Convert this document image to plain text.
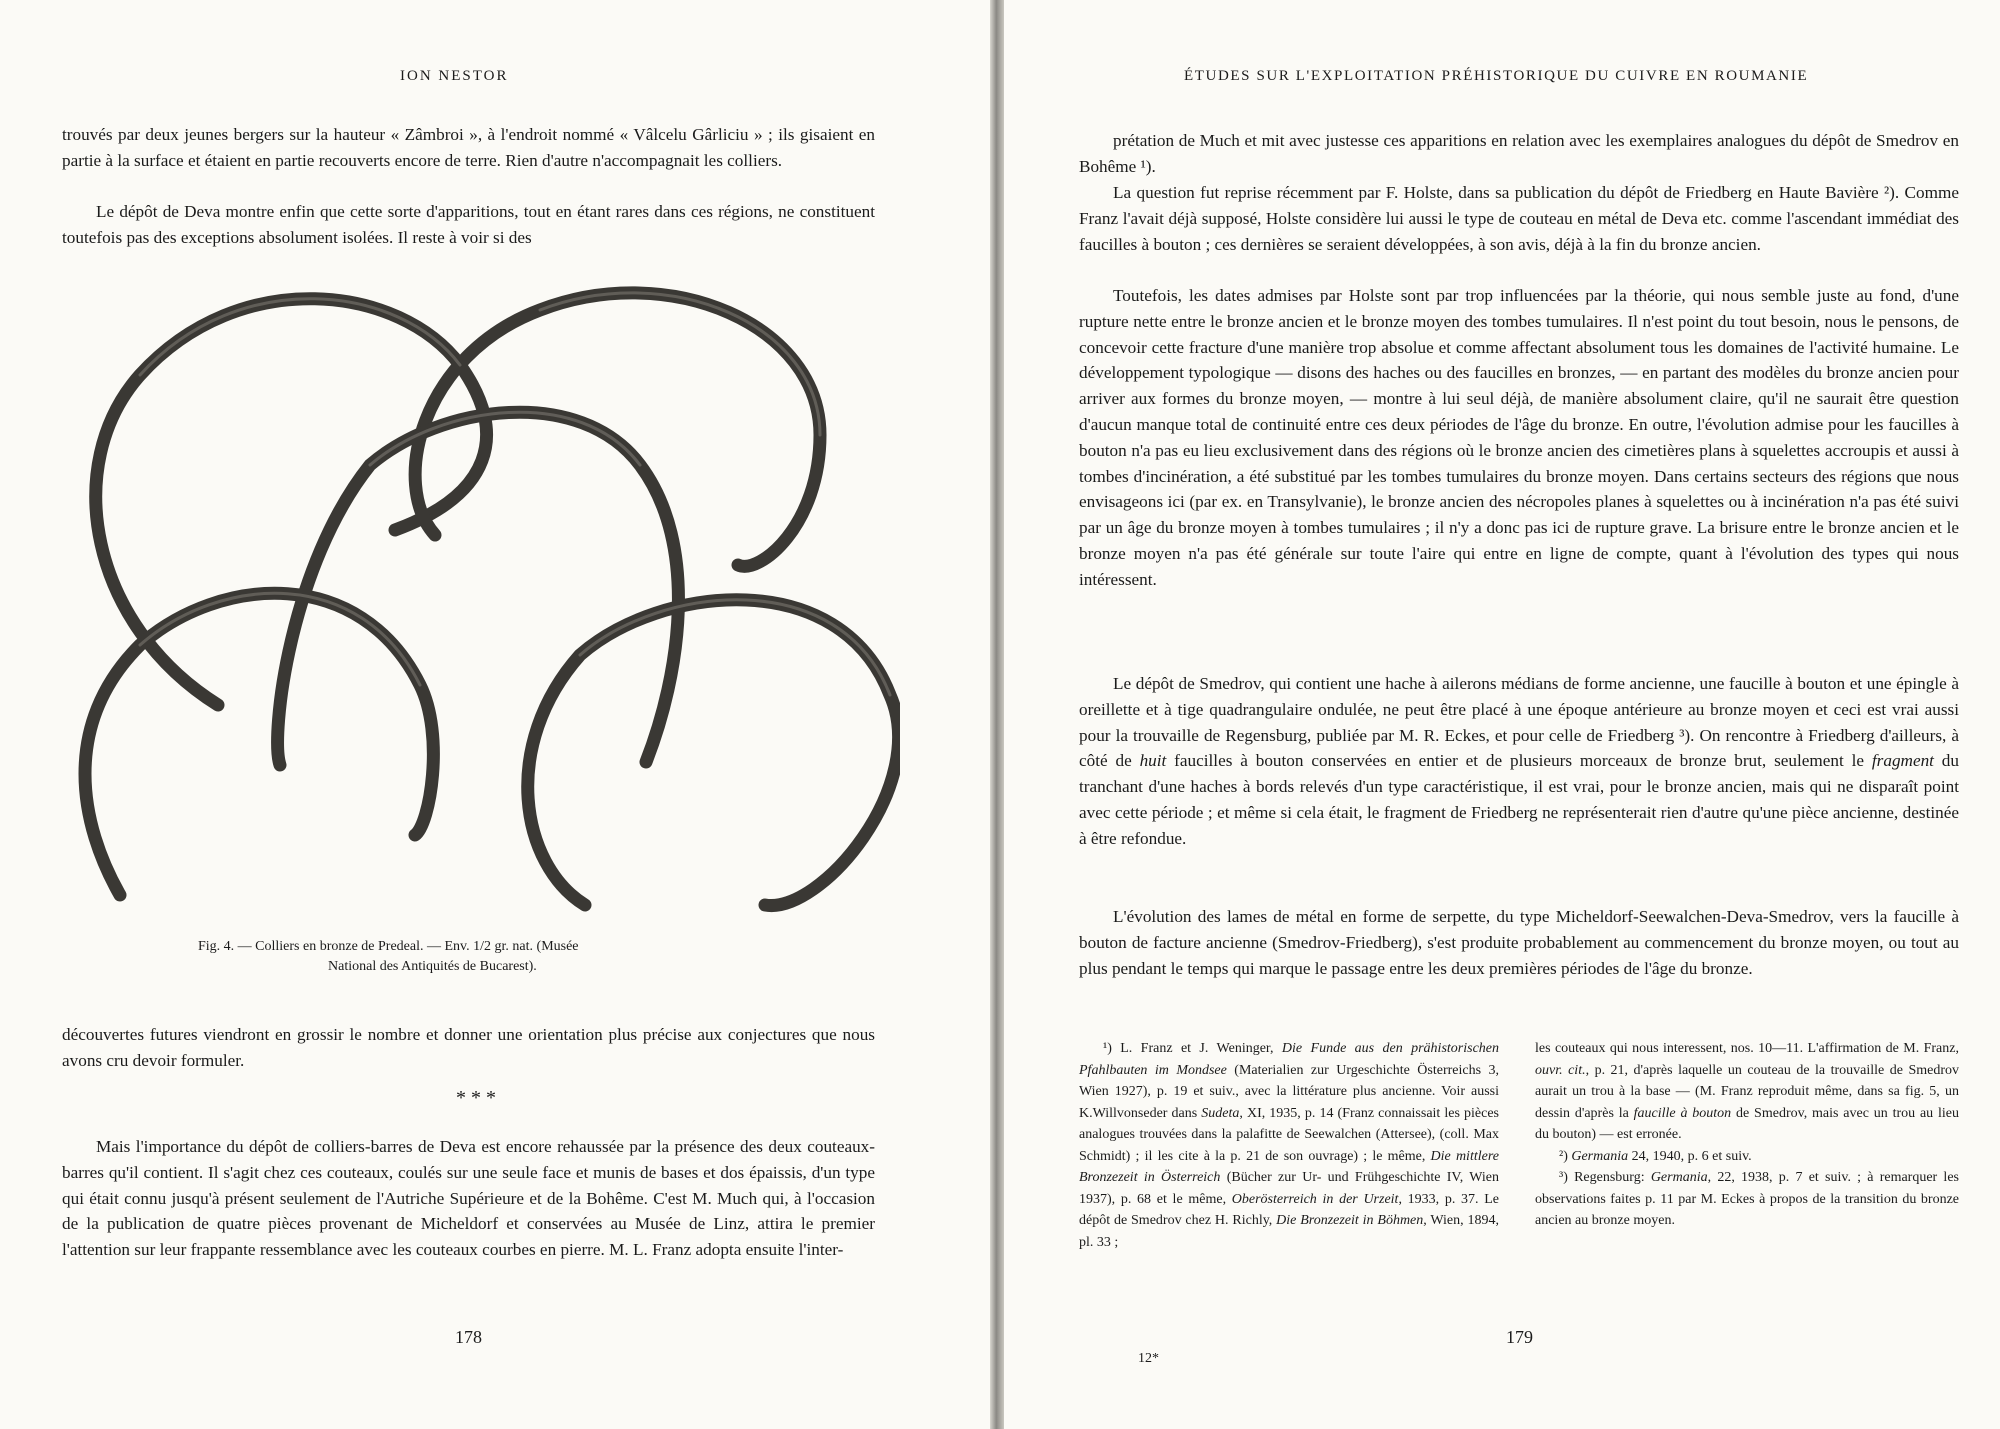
ION NESTOR

trouvés par deux jeunes bergers sur la hauteur « Zâmbroi », à l'endroit nommé « Vâlcelu Gârliciu » ; ils gisaient en partie à la surface et étaient en partie recouverts encore de terre. Rien d'autre n'accompagnait les colliers.

Le dépôt de Deva montre enfin que cette sorte d'apparitions, tout en étant rares dans ces régions, ne constituent toutefois pas des exceptions absolument isolées. Il reste à voir si des

Fig. 4. — Colliers en bronze de Predeal. — Env. 1/2 gr. nat. (Musée
National des Antiquités de Bucarest).

découvertes futures viendront en grossir le nombre et donner une orientation plus précise aux conjectures que nous avons cru devoir formuler.

* * *

Mais l'importance du dépôt de colliers-barres de Deva est encore rehaussée par la présence des deux couteaux-barres qu'il contient. Il s'agit chez ces couteaux, coulés sur une seule face et munis de bases et dos épaissis, d'un type qui était connu jusqu'à présent seulement de l'Autriche Supérieure et de la Bohême. C'est M. Much qui, à l'occasion de la publication de quatre pièces provenant de Micheldorf et conservées au Musée de Linz, attira le premier l'attention sur leur frappante ressemblance avec les couteaux courbes en pierre. M. L. Franz adopta ensuite l'inter-

178
ÉTUDES SUR L'EXPLOITATION PRÉHISTORIQUE DU CUIVRE EN ROUMANIE

prétation de Much et mit avec justesse ces apparitions en relation avec les exemplaires analogues du dépôt de Smedrov en Bohême ¹).

La question fut reprise récemment par F. Holste, dans sa publication du dépôt de Friedberg en Haute Bavière ²). Comme Franz l'avait déjà supposé, Holste considère lui aussi le type de couteau en métal de Deva etc. comme l'ascendant immédiat des faucilles à bouton ; ces dernières se seraient développées, à son avis, déjà à la fin du bronze ancien.

Toutefois, les dates admises par Holste sont par trop influencées par la théorie, qui nous semble juste au fond, d'une rupture nette entre le bronze ancien et le bronze moyen des tombes tumulaires. Il n'est point du tout besoin, nous le pensons, de concevoir cette fracture d'une manière trop absolue et comme affectant absolument tous les domaines de l'activité humaine. Le développement typologique — disons des haches ou des faucilles en bronzes, — en partant des modèles du bronze ancien pour arriver aux formes du bronze moyen, — montre à lui seul déjà, de manière absolument claire, qu'il ne saurait être question d'aucun manque total de continuité entre ces deux périodes de l'âge du bronze. En outre, l'évolution admise pour les faucilles à bouton n'a pas eu lieu exclusivement dans des régions où le bronze ancien des cimetières plans à squelettes accroupis et aussi à tombes d'incinération, a été substitué par les tombes tumulaires du bronze moyen. Dans certains secteurs des régions que nous envisageons ici (par ex. en Transylvanie), le bronze ancien des nécropoles planes à squelettes ou à incinération n'a pas été suivi par un âge du bronze moyen à tombes tumulaires ; il n'y a donc pas ici de rupture grave. La brisure entre le bronze ancien et le bronze moyen n'a pas été générale sur toute l'aire qui entre en ligne de compte, quant à l'évolution des types qui nous intéressent.

Le dépôt de Smedrov, qui contient une hache à ailerons médians de forme ancienne, une faucille à bouton et une épingle à oreillette et à tige quadrangulaire ondulée, ne peut être placé à une époque antérieure au bronze moyen et ceci est vrai aussi pour la trouvaille de Regensburg, publiée par M. R. Eckes, et pour celle de Friedberg ³). On rencontre à Friedberg d'ailleurs, à côté de huit faucilles à bouton conservées en entier et de plusieurs morceaux de bronze brut, seulement le fragment du tranchant d'une haches à bords relevés d'un type caractéristique, il est vrai, pour le bronze ancien, mais qui ne disparaît point avec cette période ; et même si cela était, le fragment de Friedberg ne représenterait rien d'autre qu'une pièce ancienne, destinée à être refondue.

L'évolution des lames de métal en forme de serpette, du type Micheldorf-Seewalchen-Deva-Smedrov, vers la faucille à bouton de facture ancienne (Smedrov-Friedberg), s'est produite probablement au commencement du bronze moyen, ou tout au plus pendant le temps qui marque le passage entre les deux premières périodes de l'âge du bronze.

¹) L. Franz et J. Weninger, Die Funde aus den prähistorischen Pfahlbauten im Mondsee (Materialien zur Urgeschichte Österreichs 3, Wien 1927), p. 19 et suiv., avec la littérature plus ancienne. Voir aussi K.Willvonseder dans Sudeta, XI, 1935, p. 14 (Franz connaissait les pièces analogues trouvées dans la palafitte de Seewalchen (Attersee), (coll. Max Schmidt) ; il les cite à la p. 21 de son ouvrage) ; le même, Die mittlere Bronzezeit in Österreich (Bücher zur Ur- und Frühgeschichte IV, Wien 1937), p. 68 et le même, Oberösterreich in der Urzeit, 1933, p. 37. Le dépôt de Smedrov chez H. Richly, Die Bronzezeit in Böhmen, Wien, 1894, pl. 33 ;

les couteaux qui nous interessent, nos. 10—11. L'affirmation de M. Franz, ouvr. cit., p. 21, d'après laquelle un couteau de la trouvaille de Smedrov aurait un trou à la base — (M. Franz reproduit même, dans sa fig. 5, un dessin d'après la faucille à bouton de Smedrov, mais avec un trou au lieu du bouton) — est erronée.

²) Germania 24, 1940, p. 6 et suiv.

³) Regensburg: Germania, 22, 1938, p. 7 et suiv. ; à remarquer les observations faites p. 11 par M. Eckes à propos de la transition du bronze ancien au bronze moyen.

179
12*
